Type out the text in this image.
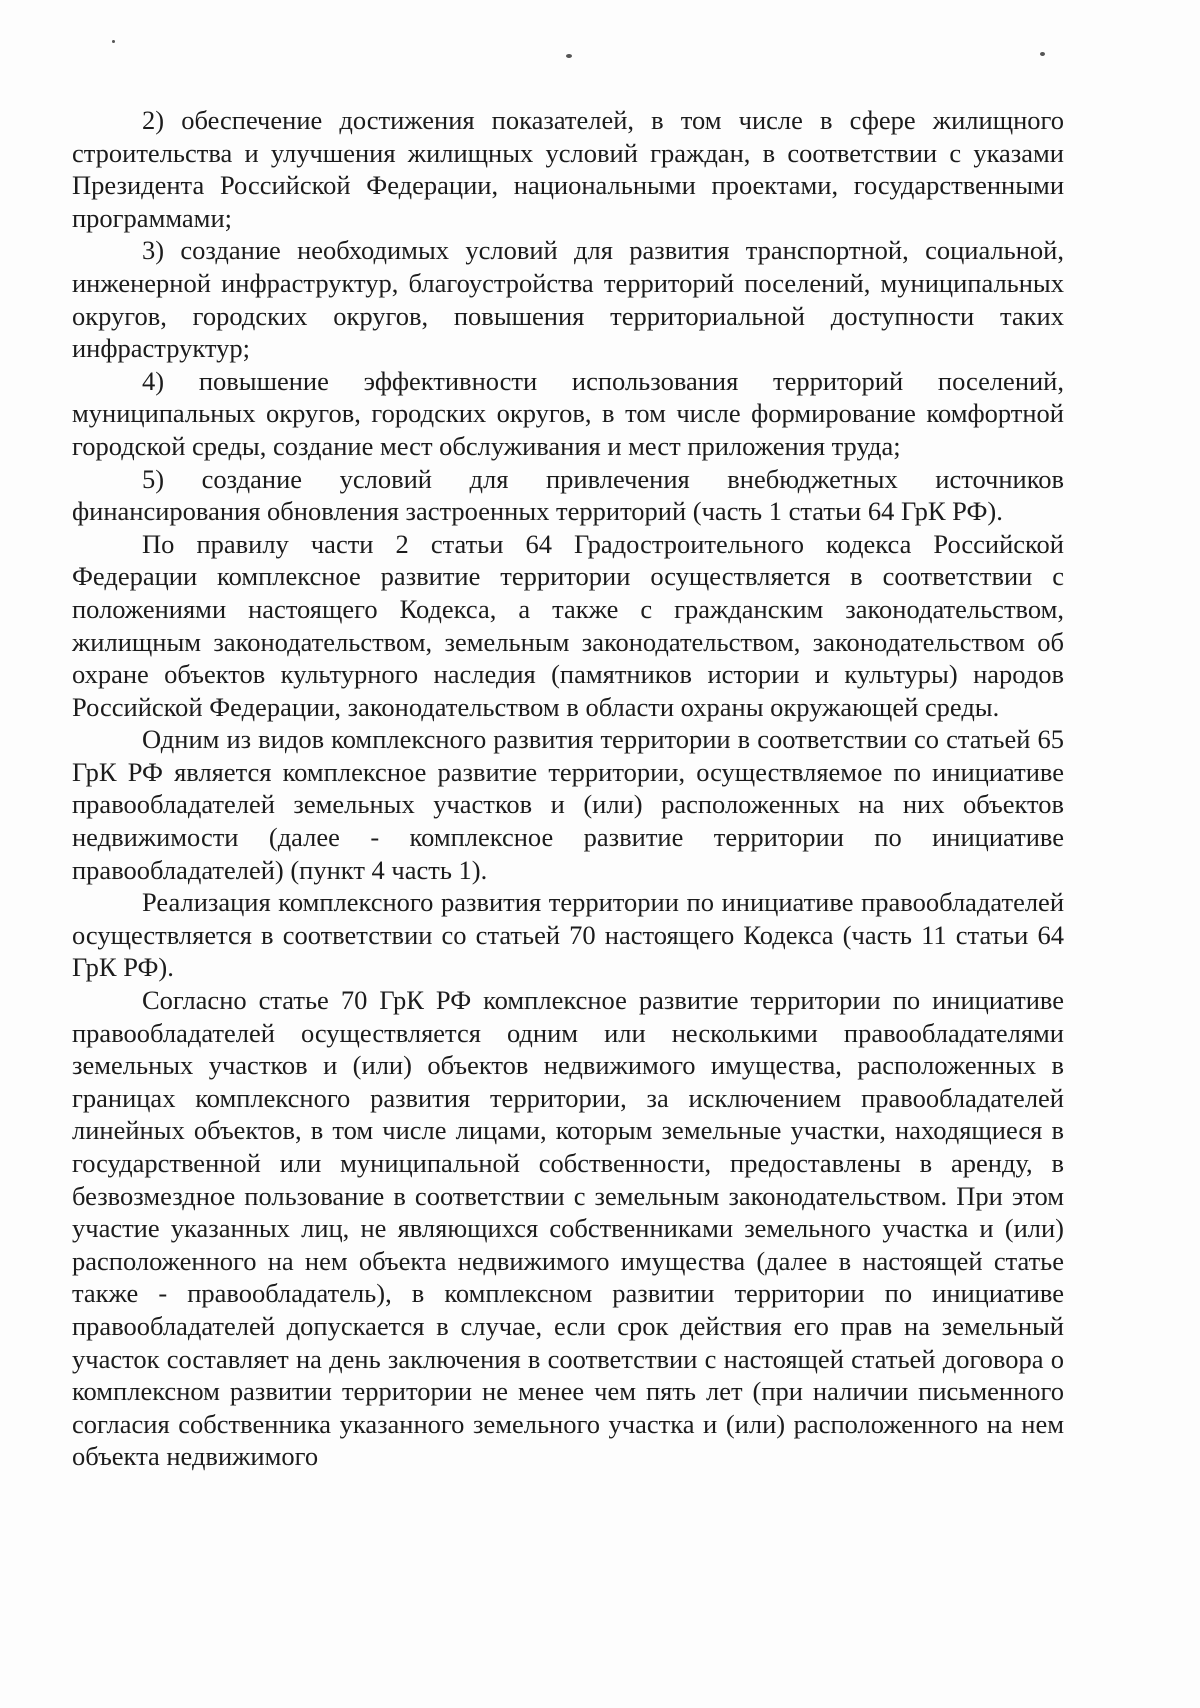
2) обеспечение достижения показателей, в том числе в сфере жилищного строительства и улучшения жилищных условий граждан, в соответствии с указами Президента Российской Федерации, национальными проектами, государственными программами;

3) создание необходимых условий для развития транспортной, социальной, инженерной инфраструктур, благоустройства территорий поселений, муниципальных округов, городских округов, повышения территориальной доступности таких инфраструктур;

4) повышение эффективности использования территорий поселений, муниципальных округов, городских округов, в том числе формирование комфортной городской среды, создание мест обслуживания и мест приложения труда;

5) создание условий для привлечения внебюджетных источников финансирования обновления застроенных территорий (часть 1 статьи 64 ГрК РФ).

По правилу части 2 статьи 64 Градостроительного кодекса Российской Федерации комплексное развитие территории осуществляется в соответствии с положениями настоящего Кодекса, а также с гражданским законодательством, жилищным законодательством, земельным законодательством, законодательством об охране объектов культурного наследия (памятников истории и культуры) народов Российской Федерации, законодательством в области охраны окружающей среды.

Одним из видов комплексного развития территории в соответствии со статьей 65 ГрК РФ является комплексное развитие территории, осуществляемое по инициативе правообладателей земельных участков и (или) расположенных на них объектов недвижимости (далее - комплексное развитие территории по инициативе правообладателей) (пункт 4 часть 1).

Реализация комплексного развития территории по инициативе правообладателей осуществляется в соответствии со статьей 70 настоящего Кодекса (часть 11 статьи 64 ГрК РФ).

Согласно статье 70 ГрК РФ комплексное развитие территории по инициативе правообладателей осуществляется одним или несколькими правообладателями земельных участков и (или) объектов недвижимого имущества, расположенных в границах комплексного развития территории, за исключением правообладателей линейных объектов, в том числе лицами, которым земельные участки, находящиеся в государственной или муниципальной собственности, предоставлены в аренду, в безвозмездное пользование в соответствии с земельным законодательством. При этом участие указанных лиц, не являющихся собственниками земельного участка и (или) расположенного на нем объекта недвижимого имущества (далее в настоящей статье также - правообладатель), в комплексном развитии территории по инициативе правообладателей допускается в случае, если срок действия его прав на земельный участок составляет на день заключения в соответствии с настоящей статьей договора о комплексном развитии территории не менее чем пять лет (при наличии письменного согласия собственника указанного земельного участка и (или) расположенного на нем объекта недвижимого
